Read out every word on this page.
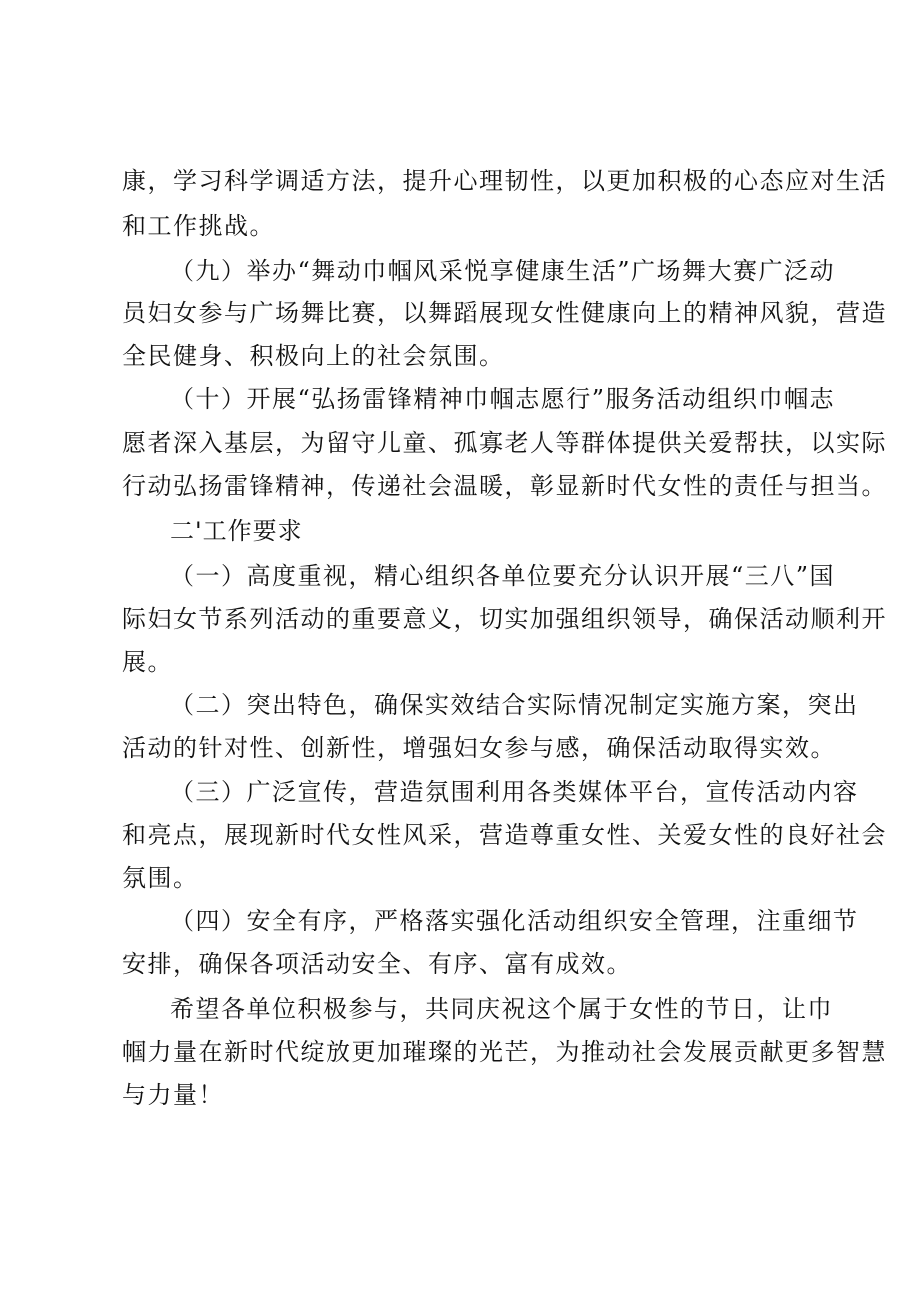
康，学习科学调适方法，提升心理韧性，以更加积极的心态应对生活
和工作挑战。
（九）举办“舞动巾帼风采悦享健康生活”广场舞大赛广泛动
员妇女参与广场舞比赛，以舞蹈展现女性健康向上的精神风貌，营造
全民健身、积极向上的社会氛围。
（十）开展“弘扬雷锋精神巾帼志愿行”服务活动组织巾帼志
愿者深入基层，为留守儿童、孤寡老人等群体提供关爱帮扶，以实际
行动弘扬雷锋精神，传递社会温暖，彰显新时代女性的责任与担当。
二'工作要求
（一）高度重视，精心组织各单位要充分认识开展“三八”国
际妇女节系列活动的重要意义，切实加强组织领导，确保活动顺利开
展。
（二）突出特色，确保实效结合实际情况制定实施方案，突出
活动的针对性、创新性，增强妇女参与感，确保活动取得实效。
（三）广泛宣传，营造氛围利用各类媒体平台，宣传活动内容
和亮点，展现新时代女性风采，营造尊重女性、关爱女性的良好社会
氛围。
（四）安全有序，严格落实强化活动组织安全管理，注重细节
安排，确保各项活动安全、有序、富有成效。
希望各单位积极参与，共同庆祝这个属于女性的节日，让巾
帼力量在新时代绽放更加璀璨的光芒，为推动社会发展贡献更多智慧
与力量！
